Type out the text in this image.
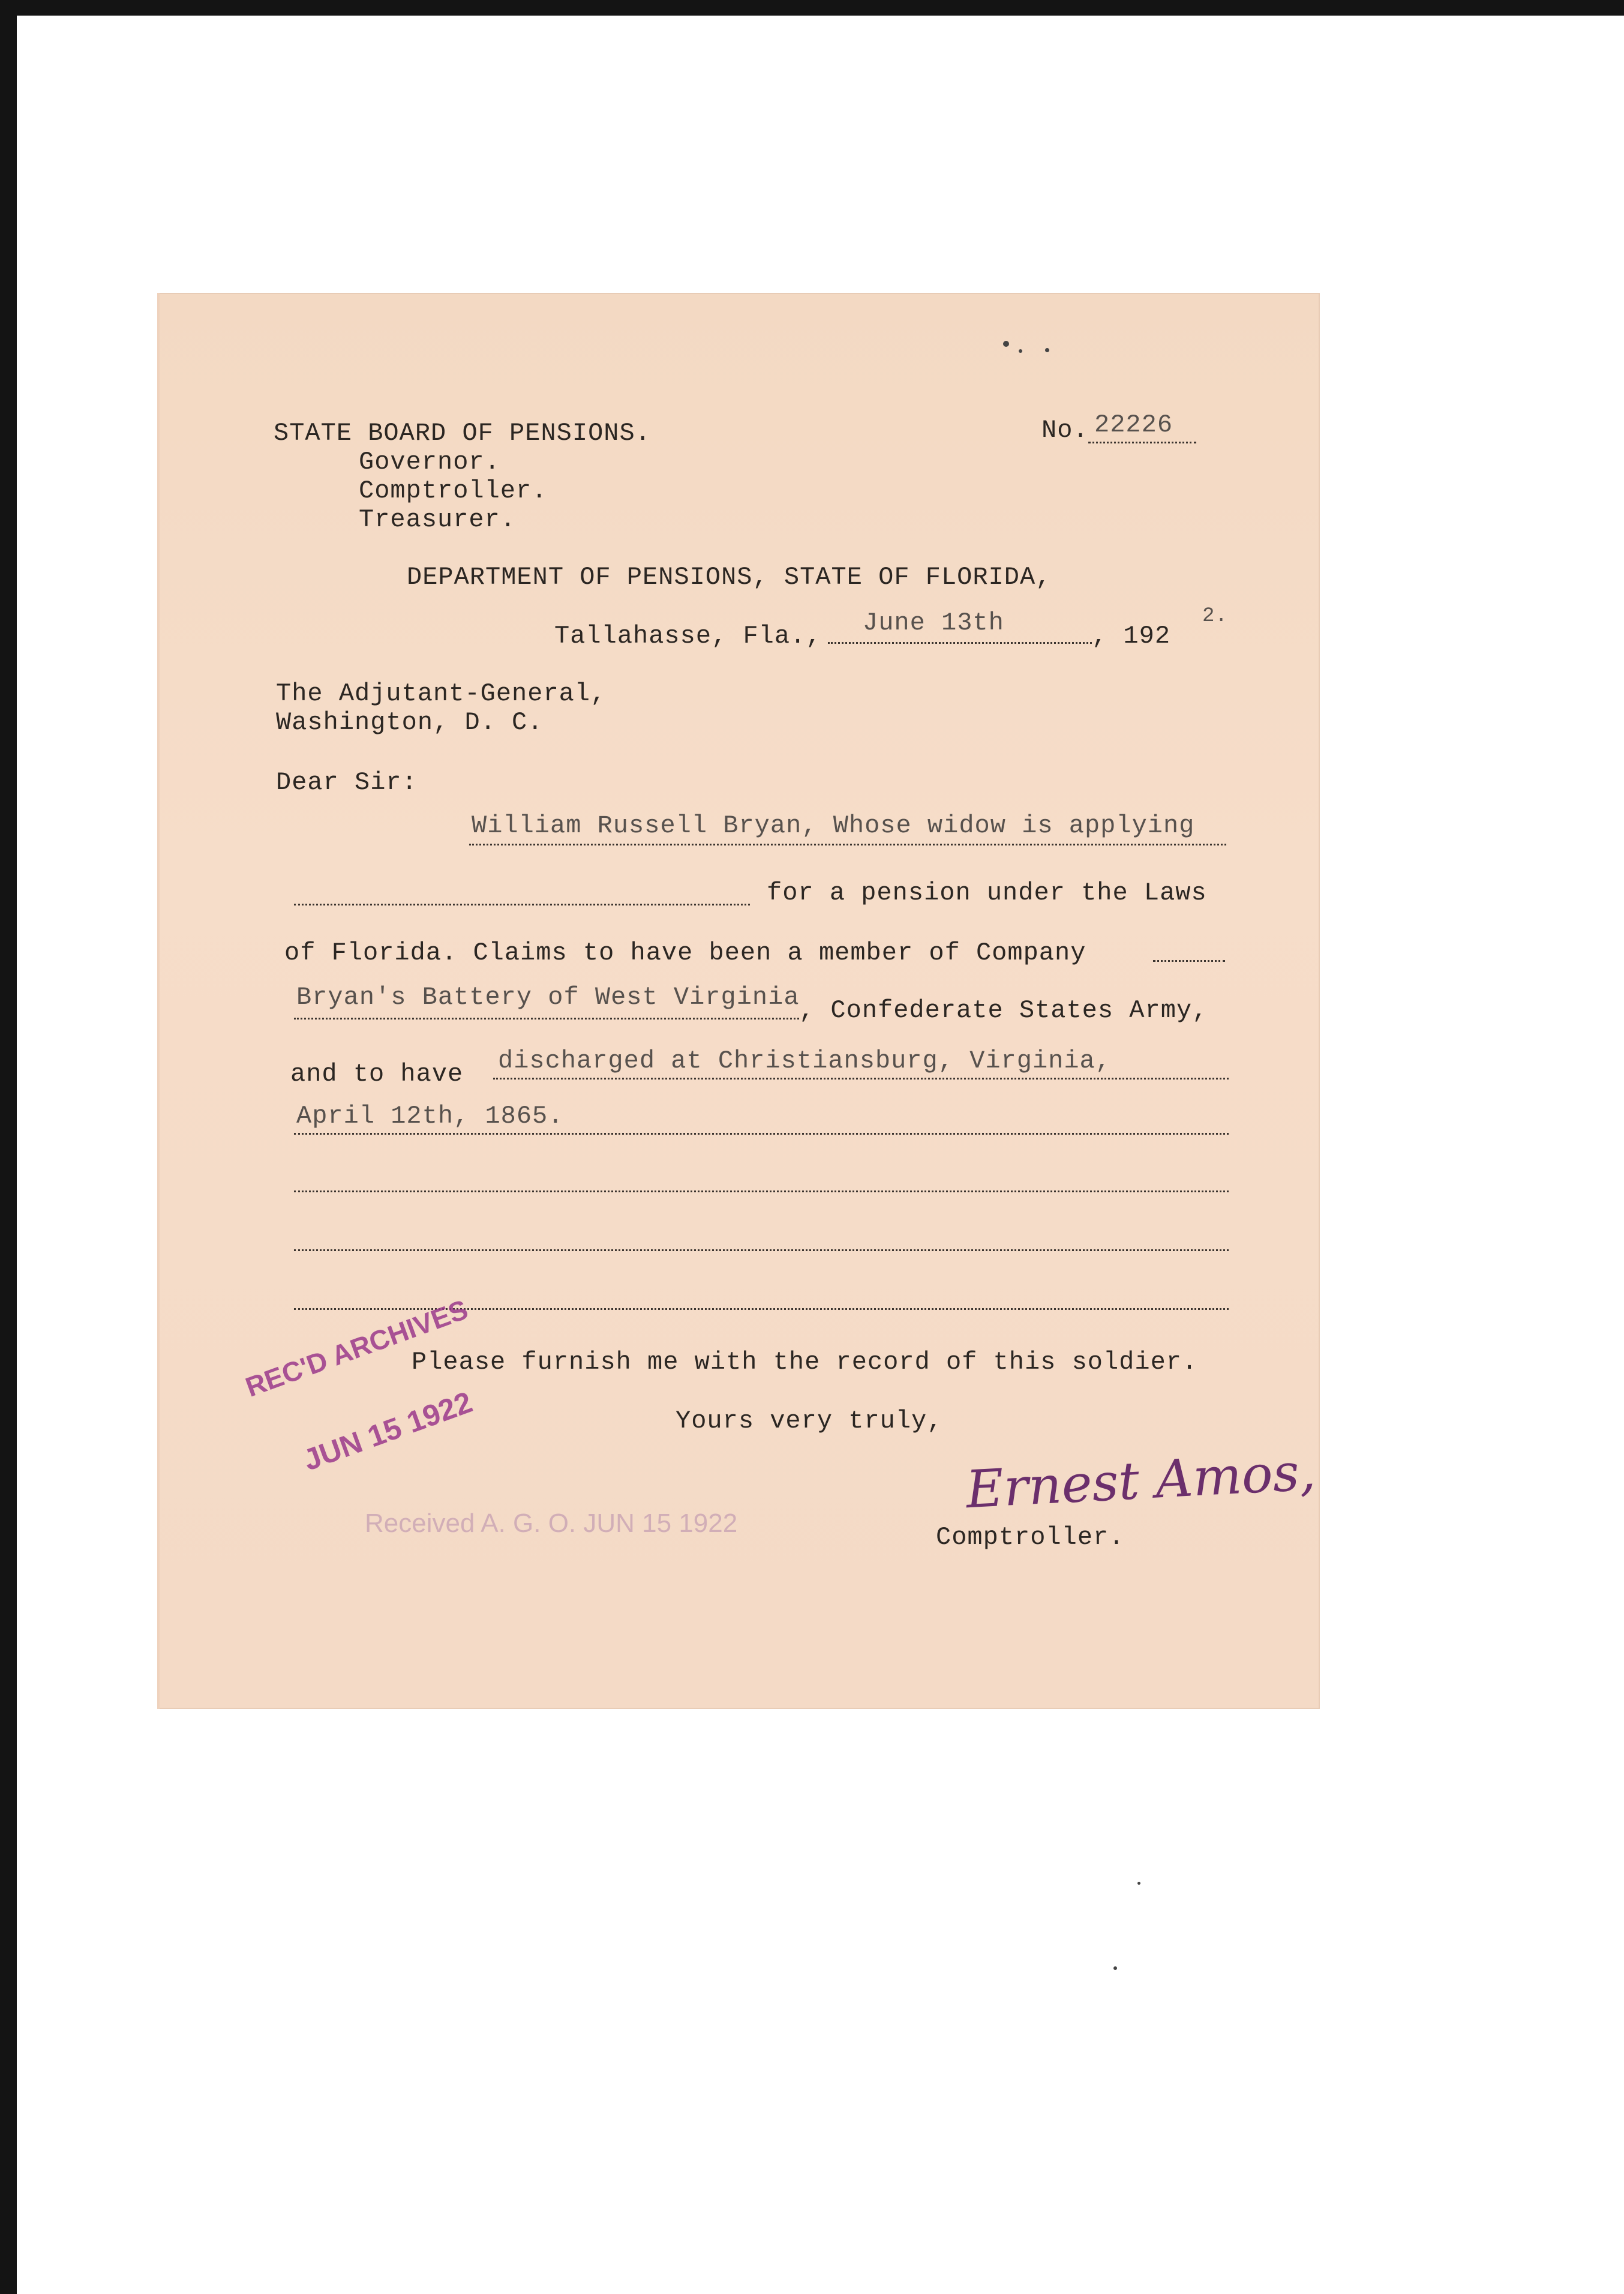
STATE BOARD OF PENSIONS.
Governor.
Comptroller.
Treasurer.
No. 22226
DEPARTMENT OF PENSIONS, STATE OF FLORIDA,
Tallahasse, Fla., June 13th	, 192
2.
The Adjutant-General,
Washington, D. C.
Dear Sir:
William Russell Bryan, Whose widow is applying
for a pension under the Laws
of Florida. Claims to have been a member of Company
Bryan's Battery of West Virginia , Confederate States Army,
and to have discharged at Christiansburg, Virginia,
April 12th, 1865.
Please furnish me with the record of this soldier.
Yours very truly,
Ernest Amos,
Comptroller.
REC'D ARCHIVES
JUN 15 1922
Received A. G. O. JUN 15 1922
